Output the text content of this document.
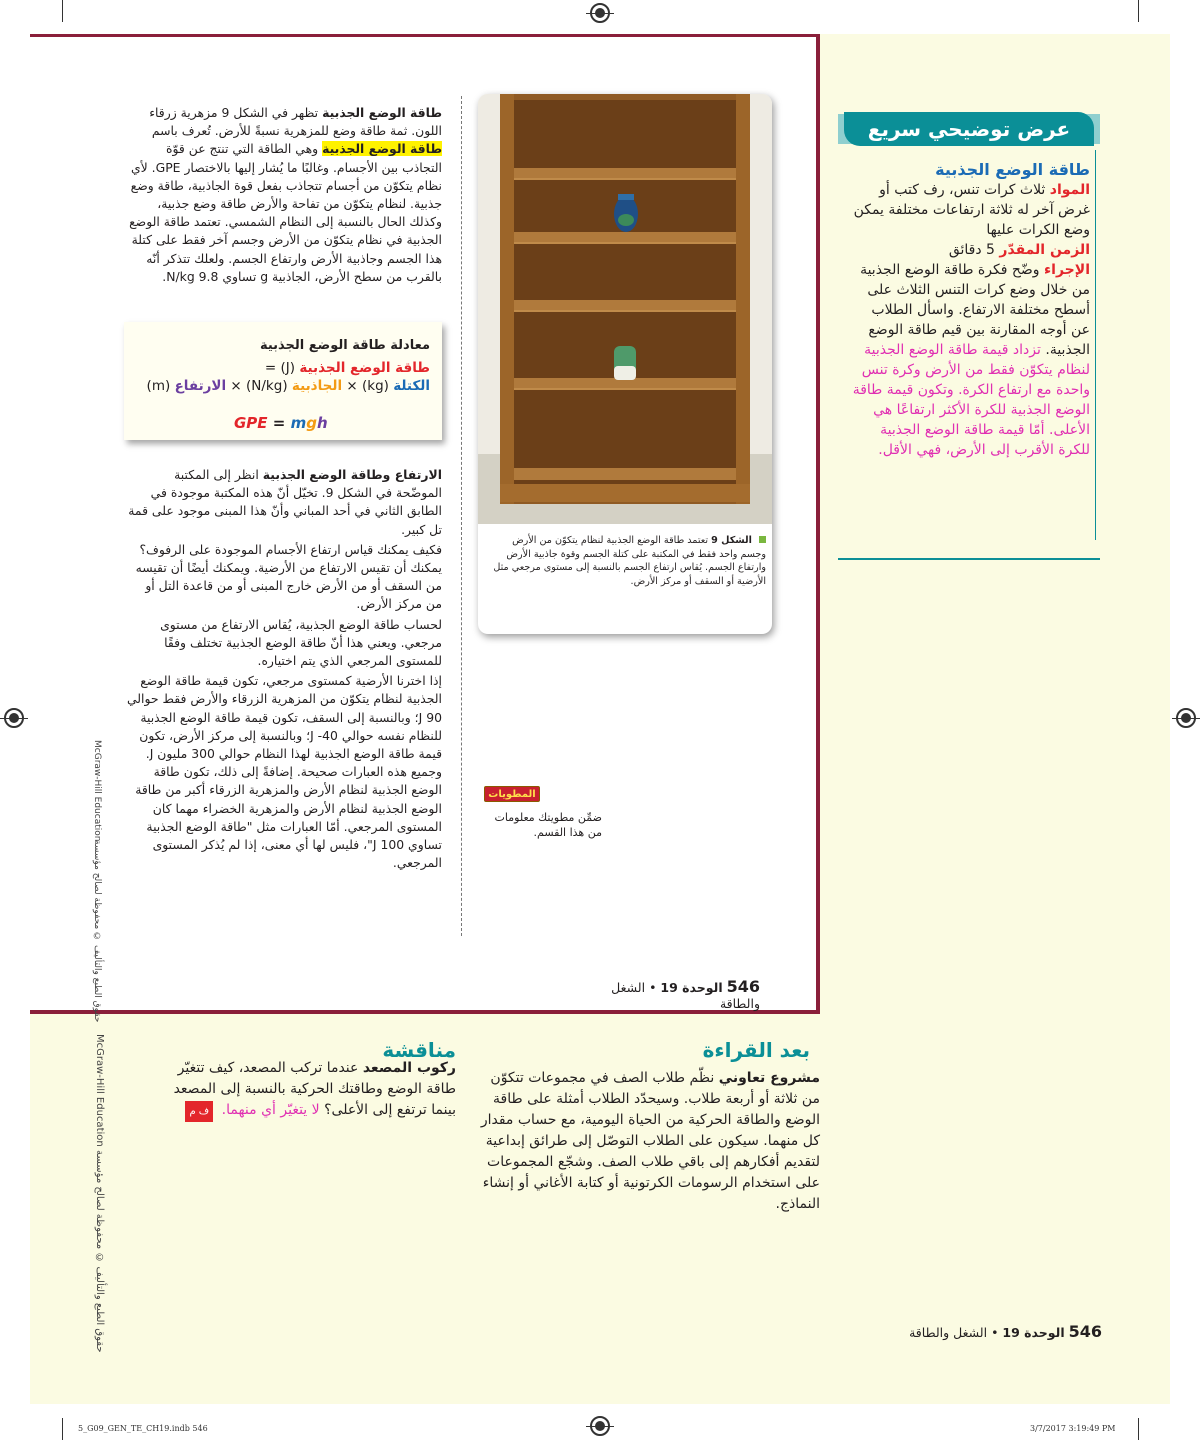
طاقة الوضع الجذبية تظهر في الشكل 9 مزهرية زرقاء اللون. ثمة طاقة وضع للمزهرية نسبةً للأرض. تُعرف باسم طاقة الوضع الجذبية وهي الطاقة التي تنتج عن قوّة التجاذب بين الأجسام. وغالبًا ما يُشار إليها بالاختصار GPE. لأي نظام يتكوّن من أجسام تتجاذب بفعل قوة الجاذبية، طاقة وضع جذبية. لنظام يتكوّن من تفاحة والأرض طاقة وضع جذبية، وكذلك الحال بالنسبة إلى النظام الشمسي. تعتمد طاقة الوضع الجذبية في نظام يتكوّن من الأرض وجسم آخر فقط على كتلة هذا الجسم وجاذبية الأرض وارتفاع الجسم. ولعلك تتذكر أنّه بالقرب من سطح الأرض، الجاذبية g تساوي 9.8 N/kg.

معادلة طاقة الوضع الجذبية
طاقة الوضع الجذبية (J) =
الكتلة (kg) × الجاذبية (N/kg) × الارتفاع (m)
GPE = mgh

الارتفاع وطاقة الوضع الجذبية انظر إلى المكتبة الموضّحة في الشكل 9. تخيّل أنّ هذه المكتبة موجودة في الطابق الثاني في أحد المباني وأنّ هذا المبنى موجود على قمة تل كبير.

فكيف يمكنك قياس ارتفاع الأجسام الموجودة على الرفوف؟ يمكنك أن تقيس الارتفاع من الأرضية. ويمكنك أيضًا أن تقيسه من السقف أو من الأرض خارج المبنى أو من قاعدة التل أو من مركز الأرض.

لحساب طاقة الوضع الجذبية، يُقاس الارتفاع من مستوى مرجعي. ويعني هذا أنّ طاقة الوضع الجذبية تختلف وفقًا للمستوى المرجعي الذي يتم اختياره.

إذا اخترنا الأرضية كمستوى مرجعي، تكون قيمة طاقة الوضع الجذبية لنظام يتكوّن من المزهرية الزرقاء والأرض فقط حوالي 90 J؛ وبالنسبة إلى السقف، تكون قيمة طاقة الوضع الجذبية للنظام نفسه حوالي 40- J؛ وبالنسبة إلى مركز الأرض، تكون قيمة طاقة الوضع الجذبية لهذا النظام حوالي 300 مليون J. وجميع هذه العبارات صحيحة. إضافةً إلى ذلك، تكون طاقة الوضع الجذبية لنظام الأرض والمزهرية الزرقاء أكبر من طاقة الوضع الجذبية لنظام الأرض والمزهرية الخضراء مهما كان المستوى المرجعي. أمّا العبارات مثل "طاقة الوضع الجذبية تساوي 100 J"، فليس لها أي معنى، إذا لم يُذكر المستوى المرجعي.

الشكل 9 تعتمد طاقة الوضع الجذبية لنظام يتكوّن من الأرض وجسم واحد فقط في المكتبة على كتلة الجسم وقوة جاذبية الأرض وارتفاع الجسم. يُقاس ارتفاع الجسم بالنسبة إلى مستوى مرجعي مثل الأرضية أو السقف أو مركز الأرض.
المطويات
ضمِّن مطويتك معلومات من هذا القسم.
546 الوحدة 19 • الشغل والطاقة
عرض توضيحي سريع
طاقة الوضع الجذبية

المواد ثلاث كرات تنس، رف كتب أو غرض آخر له ثلاثة ارتفاعات مختلفة يمكن وضع الكرات عليها

الزمن المقدّر 5 دقائق

الإجراء وضّح فكرة طاقة الوضع الجذبية من خلال وضع كرات التنس الثلاث على أسطح مختلفة الارتفاع. واسأل الطلاب عن أوجه المقارنة بين قيم طاقة الوضع الجذبية. تزداد قيمة طاقة الوضع الجذبية لنظام يتكوّن فقط من الأرض وكرة تنس واحدة مع ارتفاع الكرة. وتكون قيمة طاقة الوضع الجذبية للكرة الأكثر ارتفاعًا هي الأعلى. أمّا قيمة طاقة الوضع الجذبية للكرة الأقرب إلى الأرض، فهي الأقل.

بعد القراءة
مشروع تعاوني نظّم طلاب الصف في مجموعات تتكوّن من ثلاثة أو أربعة طلاب. وسيحدّد الطلاب أمثلة على طاقة الوضع والطاقة الحركية من الحياة اليومية، مع حساب مقدار كل منهما. سيكون على الطلاب التوصّل إلى طرائق إبداعية لتقديم أفكارهم إلى باقي طلاب الصف. وشجّع المجموعات على استخدام الرسومات الكرتونية أو كتابة الأغاني أو إنشاء النماذج.
مناقشة
ركوب المصعد عندما تركب المصعد، كيف تتغيّر طاقة الوضع وطاقتك الحركية بالنسبة إلى المصعد بينما ترتفع إلى الأعلى؟ لا يتغيّر أي منهما. ف م
546 الوحدة 19 • الشغل والطاقة
McGraw-Hill Education
حقوق الطبع والتأليف © محفوظة لصالح مؤسسة
McGraw-Hill Education
حقوق الطبع والتأليف © محفوظة لصالح مؤسسة
5_G09_GEN_TE_CH19.indb 546	3/7/2017 3:19:49 PM
